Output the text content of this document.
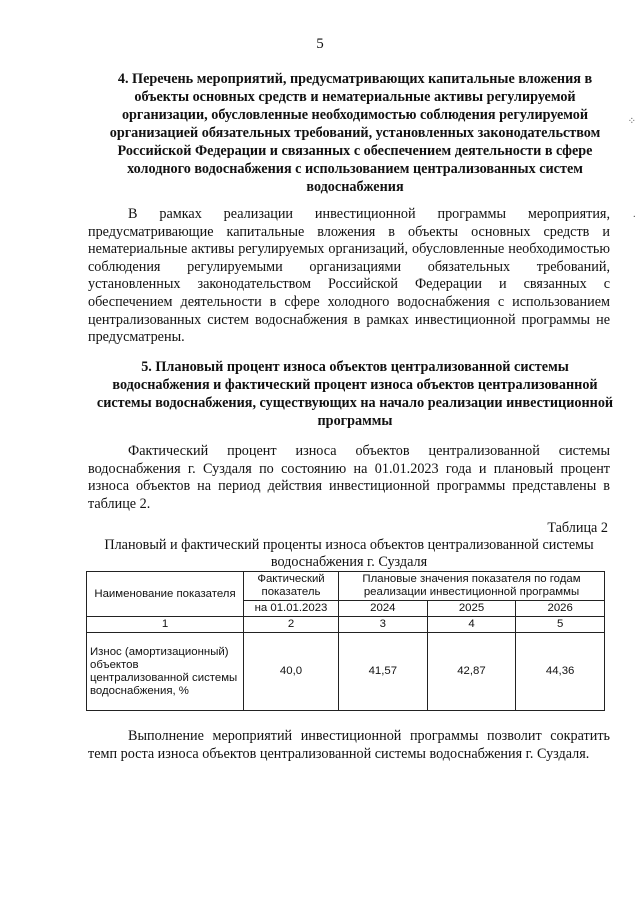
5
4. Перечень мероприятий, предусматривающих капитальные вложения в объекты основных средств и нематериальные активы регулируемой организации, обусловленные необходимостью соблюдения регулируемой организацией обязательных требований, установленных законодательством Российской Федерации и связанных с обеспечением деятельности в сфере холодного водоснабжения с использованием централизованных систем водоснабжения
⁘
В рамках реализации инвестиционной программы мероприятия, предусматривающие капитальные вложения в объекты основных средств и нематериальные активы регулируемых организаций, обусловленные необходимостью соблюдения регулируемыми организациями обязательных требований, установленных законодательством Российской Федерации и связанных с обеспечением деятельности в сфере холодного водоснабжения с использованием централизованных систем водоснабжения в рамках инвестиционной программы не предусматрены.
·
5. Плановый процент износа объектов централизованной системы водоснабжения и фактический процент износа объектов централизованной системы водоснабжения, существующих на начало реализации инвестиционной программы
Фактический процент износа объектов централизованной системы водоснабжения г. Суздаля по состоянию на 01.01.2023 года и плановый процент износа объектов на период действия инвестиционной программы представлены в таблице 2.
Таблица 2
Плановый и фактический проценты износа объектов централизованной системы водоснабжения г. Суздаля
Наименование показателя	Фактический показатель	Плановые значения показателя по годам реализации инвестиционной программы		
	на 01.01.2023	2024	2025	2026
1	2	3	4	5
Износ (амортизационный) объектов централизованной системы водоснабжения, %	40,0	41,57	42,87	44,36
Выполнение мероприятий инвестиционной программы позволит сократить темп роста износа объектов централизованной системы водоснабжения г. Суздаля.
